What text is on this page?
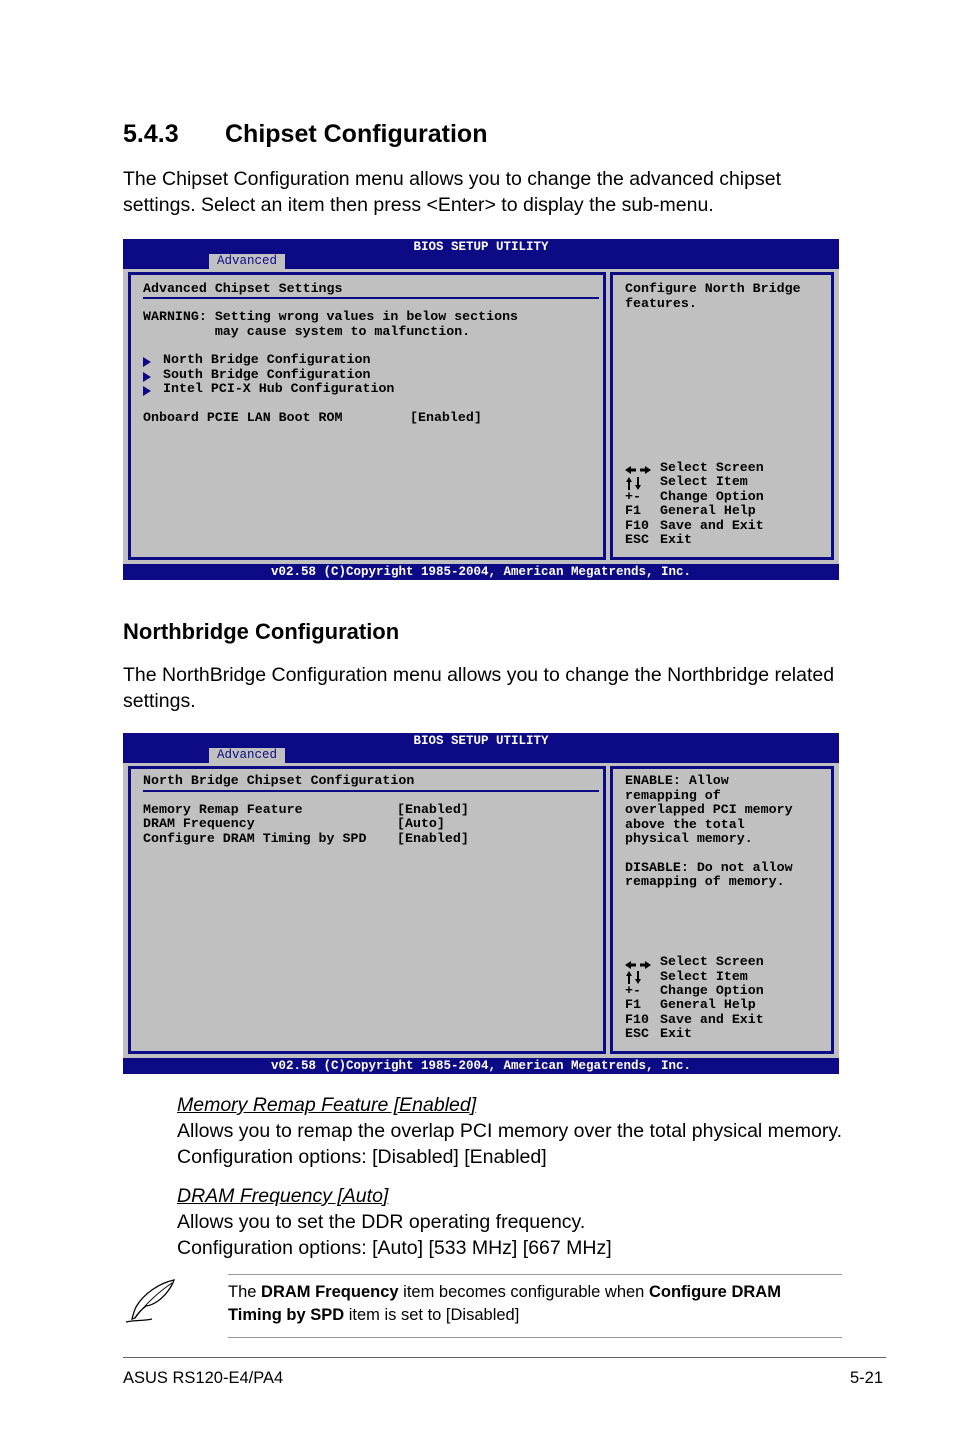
5.4.3 Chipset Configuration
The Chipset Configuration menu allows you to change the advanced chipset
settings. Select an item then press <Enter> to display the sub-menu.
BIOS SETUP UTILITY
Advanced
Advanced Chipset Settings
WARNING: Setting wrong values in below sections
may cause system to malfunction.
North Bridge Configuration
South Bridge Configuration
Intel PCI-X Hub Configuration
Onboard PCIE LAN Boot ROM	[Enabled]
Configure North Bridge
features.
Select Screen
Select Item
+- Change Option
F1 General Help
F10 Save and Exit
ESC Exit
v02.58 (C)Copyright 1985-2004, American Megatrends, Inc.
Northbridge Configuration
The NorthBridge Configuration menu allows you to change the Northbridge related
settings.
BIOS SETUP UTILITY
Advanced
North Bridge Chipset Configuration
Memory Remap Feature	[Enabled]
DRAM Frequency	[Auto]
Configure DRAM Timing by SPD [Enabled]
ENABLE: Allow
remapping of
overlapped PCI memory
above the total
physical memory.
DISABLE: Do not allow
remapping of memory.
Select Screen
Select Item
+- Change Option
F1 General Help
F10 Save and Exit
ESC Exit
v02.58 (C)Copyright 1985-2004, American Megatrends, Inc.
Memory Remap Feature [Enabled]
Allows you to remap the overlap PCI memory over the total physical memory.
Configuration options: [Disabled] [Enabled]
DRAM Frequency [Auto]
Allows you to set the DDR operating frequency.
Configuration options: [Auto] [533 MHz] [667 MHz]
The DRAM Frequency item becomes configurable when Configure DRAM Timing by SPD item is set to [Disabled]
ASUS RS120-E4/PA4	5-21
